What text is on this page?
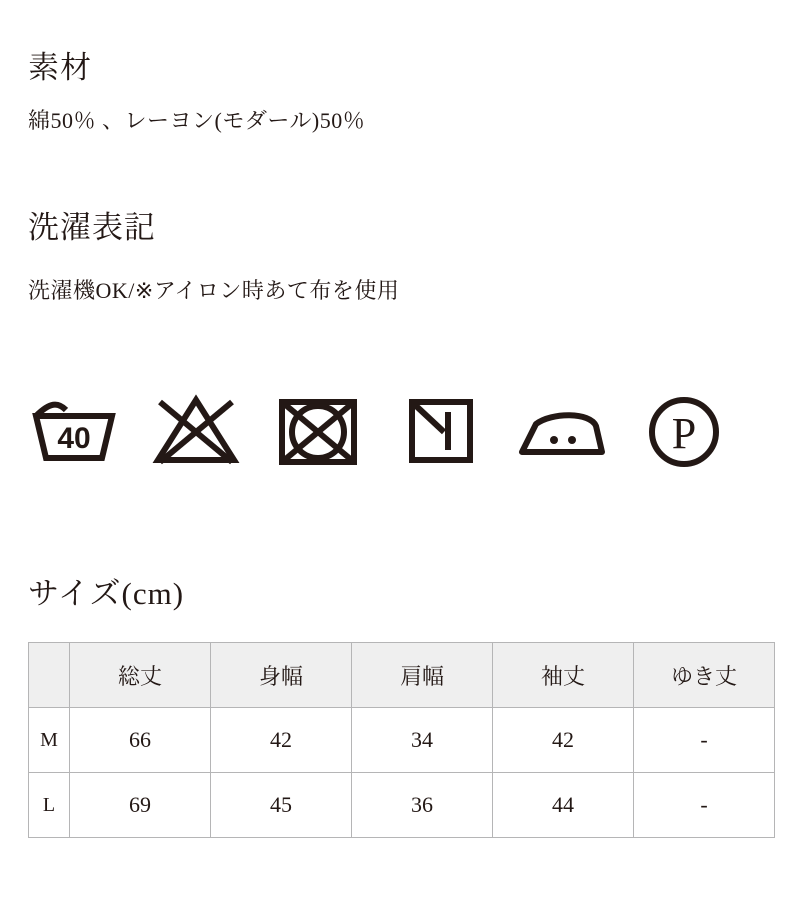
素材
綿50％ 、レーヨン(モダール)50％
洗濯表記
洗濯機OK/※アイロン時あて布を使用
40	P
サイズ(cm)
	総丈	身幅	肩幅	袖丈	ゆき丈
M	66	42	34	42	-
L	69	45	36	44	-
